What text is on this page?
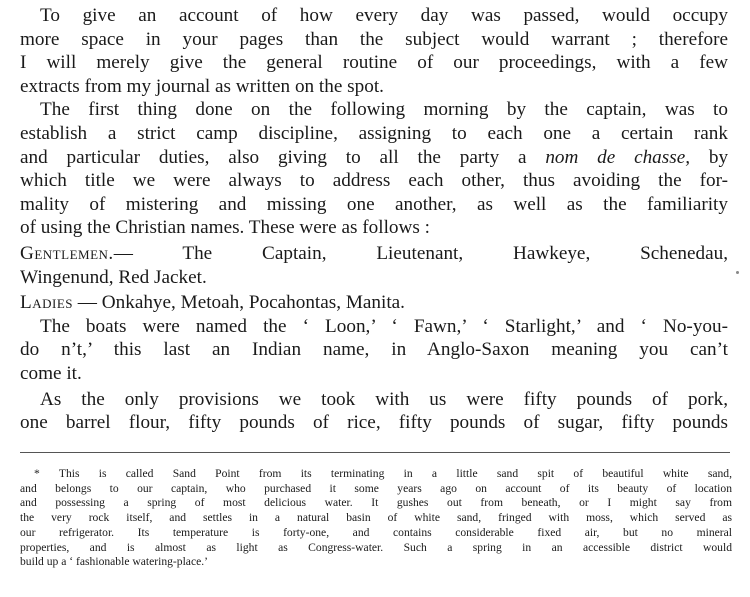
To give an account of how every day was passed, would occupy
more space in your pages than the subject would warrant ; therefore
I will merely give the general routine of our proceedings, with a few
extracts from my journal as written on the spot.

The first thing done on the following morning by the captain, was to
establish a strict camp discipline, assigning to each one a certain rank
and particular duties, also giving to all the party a nom de chasse, by
which title we were always to address each other, thus avoiding the for-
mality of mistering and missing one another, as well as the familiarity
of using the Christian names. These were as follows :

Gentlemen.— The Captain, Lieutenant, Hawkeye, Schenedau,
Wingenund, Red Jacket.

Ladies — Onkahye, Metoah, Pocahontas, Manita.

The boats were named the ‘ Loon,’ ‘ Fawn,’ ‘ Starlight,’ and ‘ No-you-
do n’t,’ this last an Indian name, in Anglo-Saxon meaning you can’t
come it.

As the only provisions we took with us were fifty pounds of pork,
one barrel flour, fifty pounds of rice, fifty pounds of sugar, fifty pounds

* This is called Sand Point from its terminating in a little sand spit of beautiful white sand,
and belongs to our captain, who purchased it some years ago on account of its beauty of location
and possessing a spring of most delicious water. It gushes out from beneath, or I might say from
the very rock itself, and settles in a natural basin of white sand, fringed with moss, which served as
our refrigerator. Its temperature is forty-one, and contains considerable fixed air, but no mineral
properties, and is almost as light as Congress-water. Such a spring in an accessible district would
build up a ‘ fashionable watering-place.’
